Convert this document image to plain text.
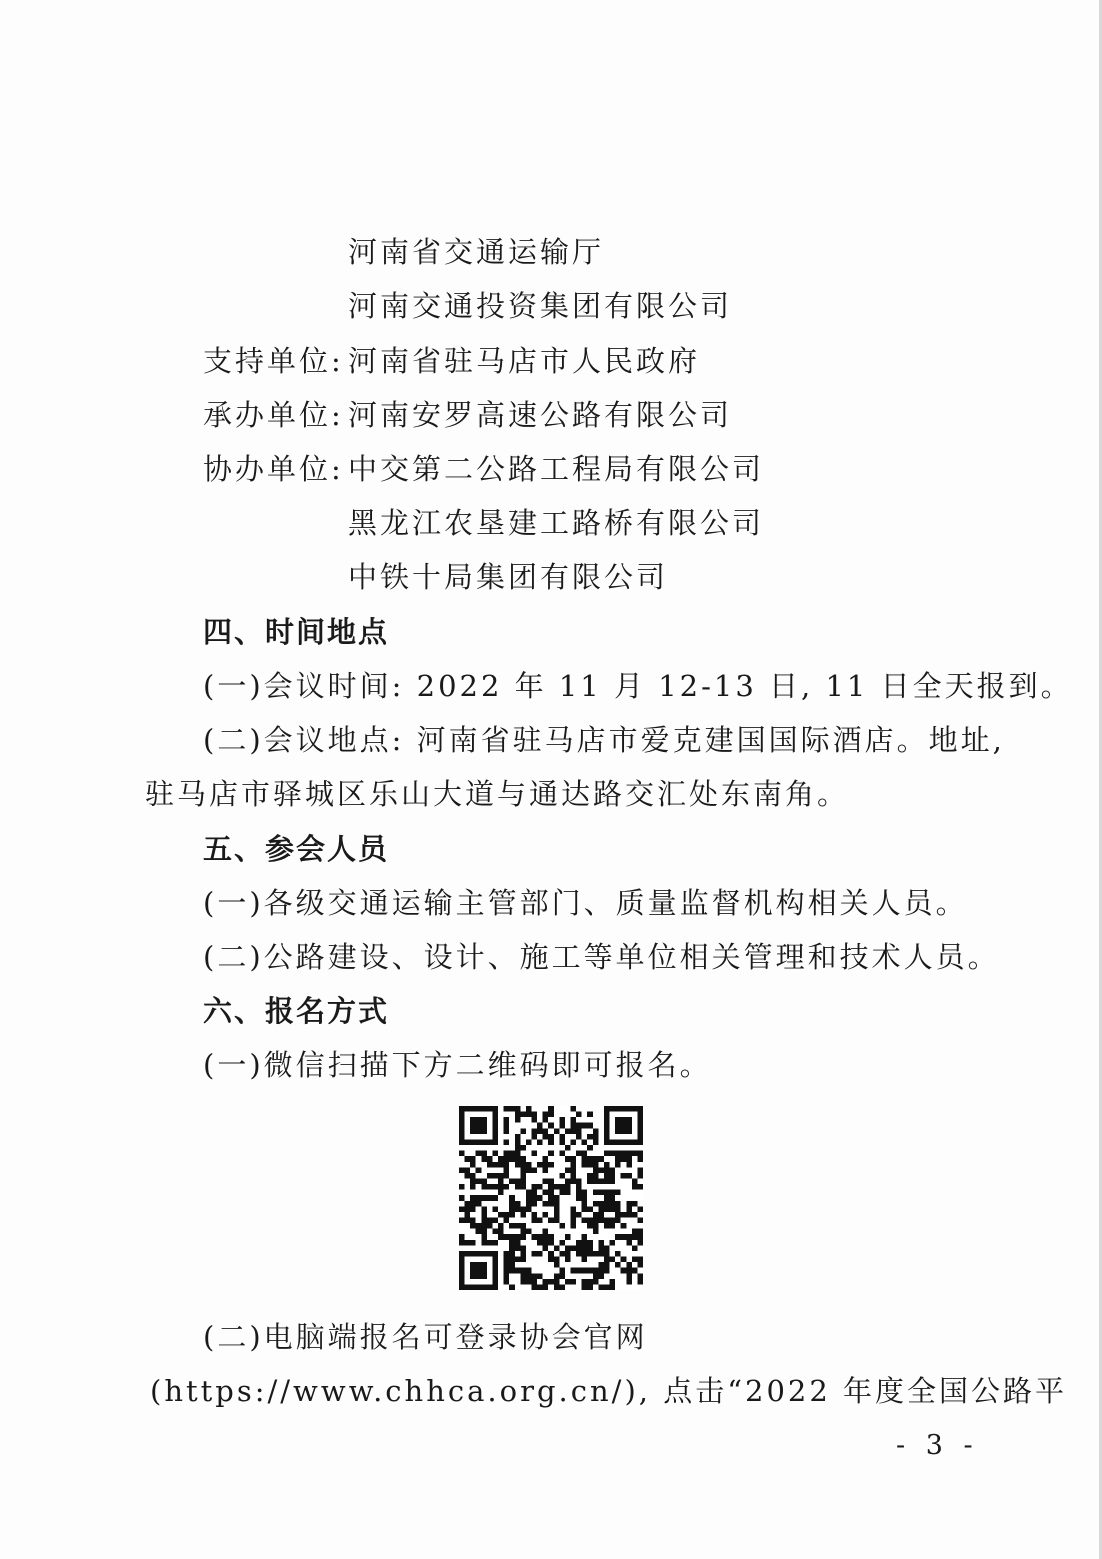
河南省交通运输厅
河南交通投资集团有限公司
支持单位: 河南省驻马店市人民政府
承办单位: 河南安罗高速公路有限公司
协办单位: 中交第二公路工程局有限公司
黑龙江农垦建工路桥有限公司
中铁十局集团有限公司
四、时间地点
(一)会议时间: 2022 年 11 月 12-13 日, 11 日全天报到。
(二)会议地点: 河南省驻马店市爱克建国国际酒店。地址,
驻马店市驿城区乐山大道与通达路交汇处东南角。
五、参会人员
(一)各级交通运输主管部门、质量监督机构相关人员。
(二)公路建设、设计、施工等单位相关管理和技术人员。
六、报名方式
(一)微信扫描下方二维码即可报名。
(二)电脑端报名可登录协会官网
(https://www.chhca.org.cn/), 点击“2022 年度全国公路平
- 3 -
